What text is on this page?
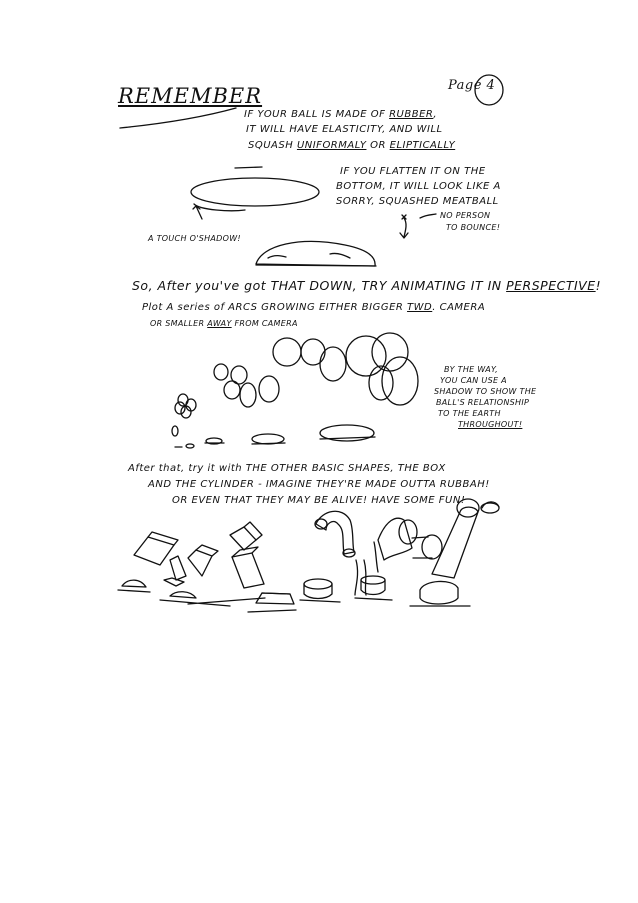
REMEMBER	Page 4
IF YOUR BALL IS MADE OF RUBBER,
IT WILL HAVE ELASTICITY, AND WILL
SQUASH UNIFORMALY OR ELIPTICALLY
IF YOU FLATTEN IT ON THE
BOTTOM, IT WILL LOOK LIKE A
SORRY, SQUASHED MEATBALL
NO PERSON
TO BOUNCE!
A TOUCH O'SHADOW!
So, After you've got THAT DOWN, TRY ANIMATING IT IN PERSPECTIVE!
Plot A series of ARCS GROWING EITHER BIGGER TWD. CAMERA
OR SMALLER AWAY FROM CAMERA
BY THE WAY,
YOU CAN USE A
SHADOW TO SHOW THE
BALL'S RELATIONSHIP
TO THE EARTH
THROUGHOUT!
After that, try it with THE OTHER BASIC SHAPES, THE BOX
AND THE CYLINDER - IMAGINE THEY'RE MADE OUTTA RUBBAH!
OR EVEN THAT THEY MAY BE ALIVE! HAVE SOME FUN!
